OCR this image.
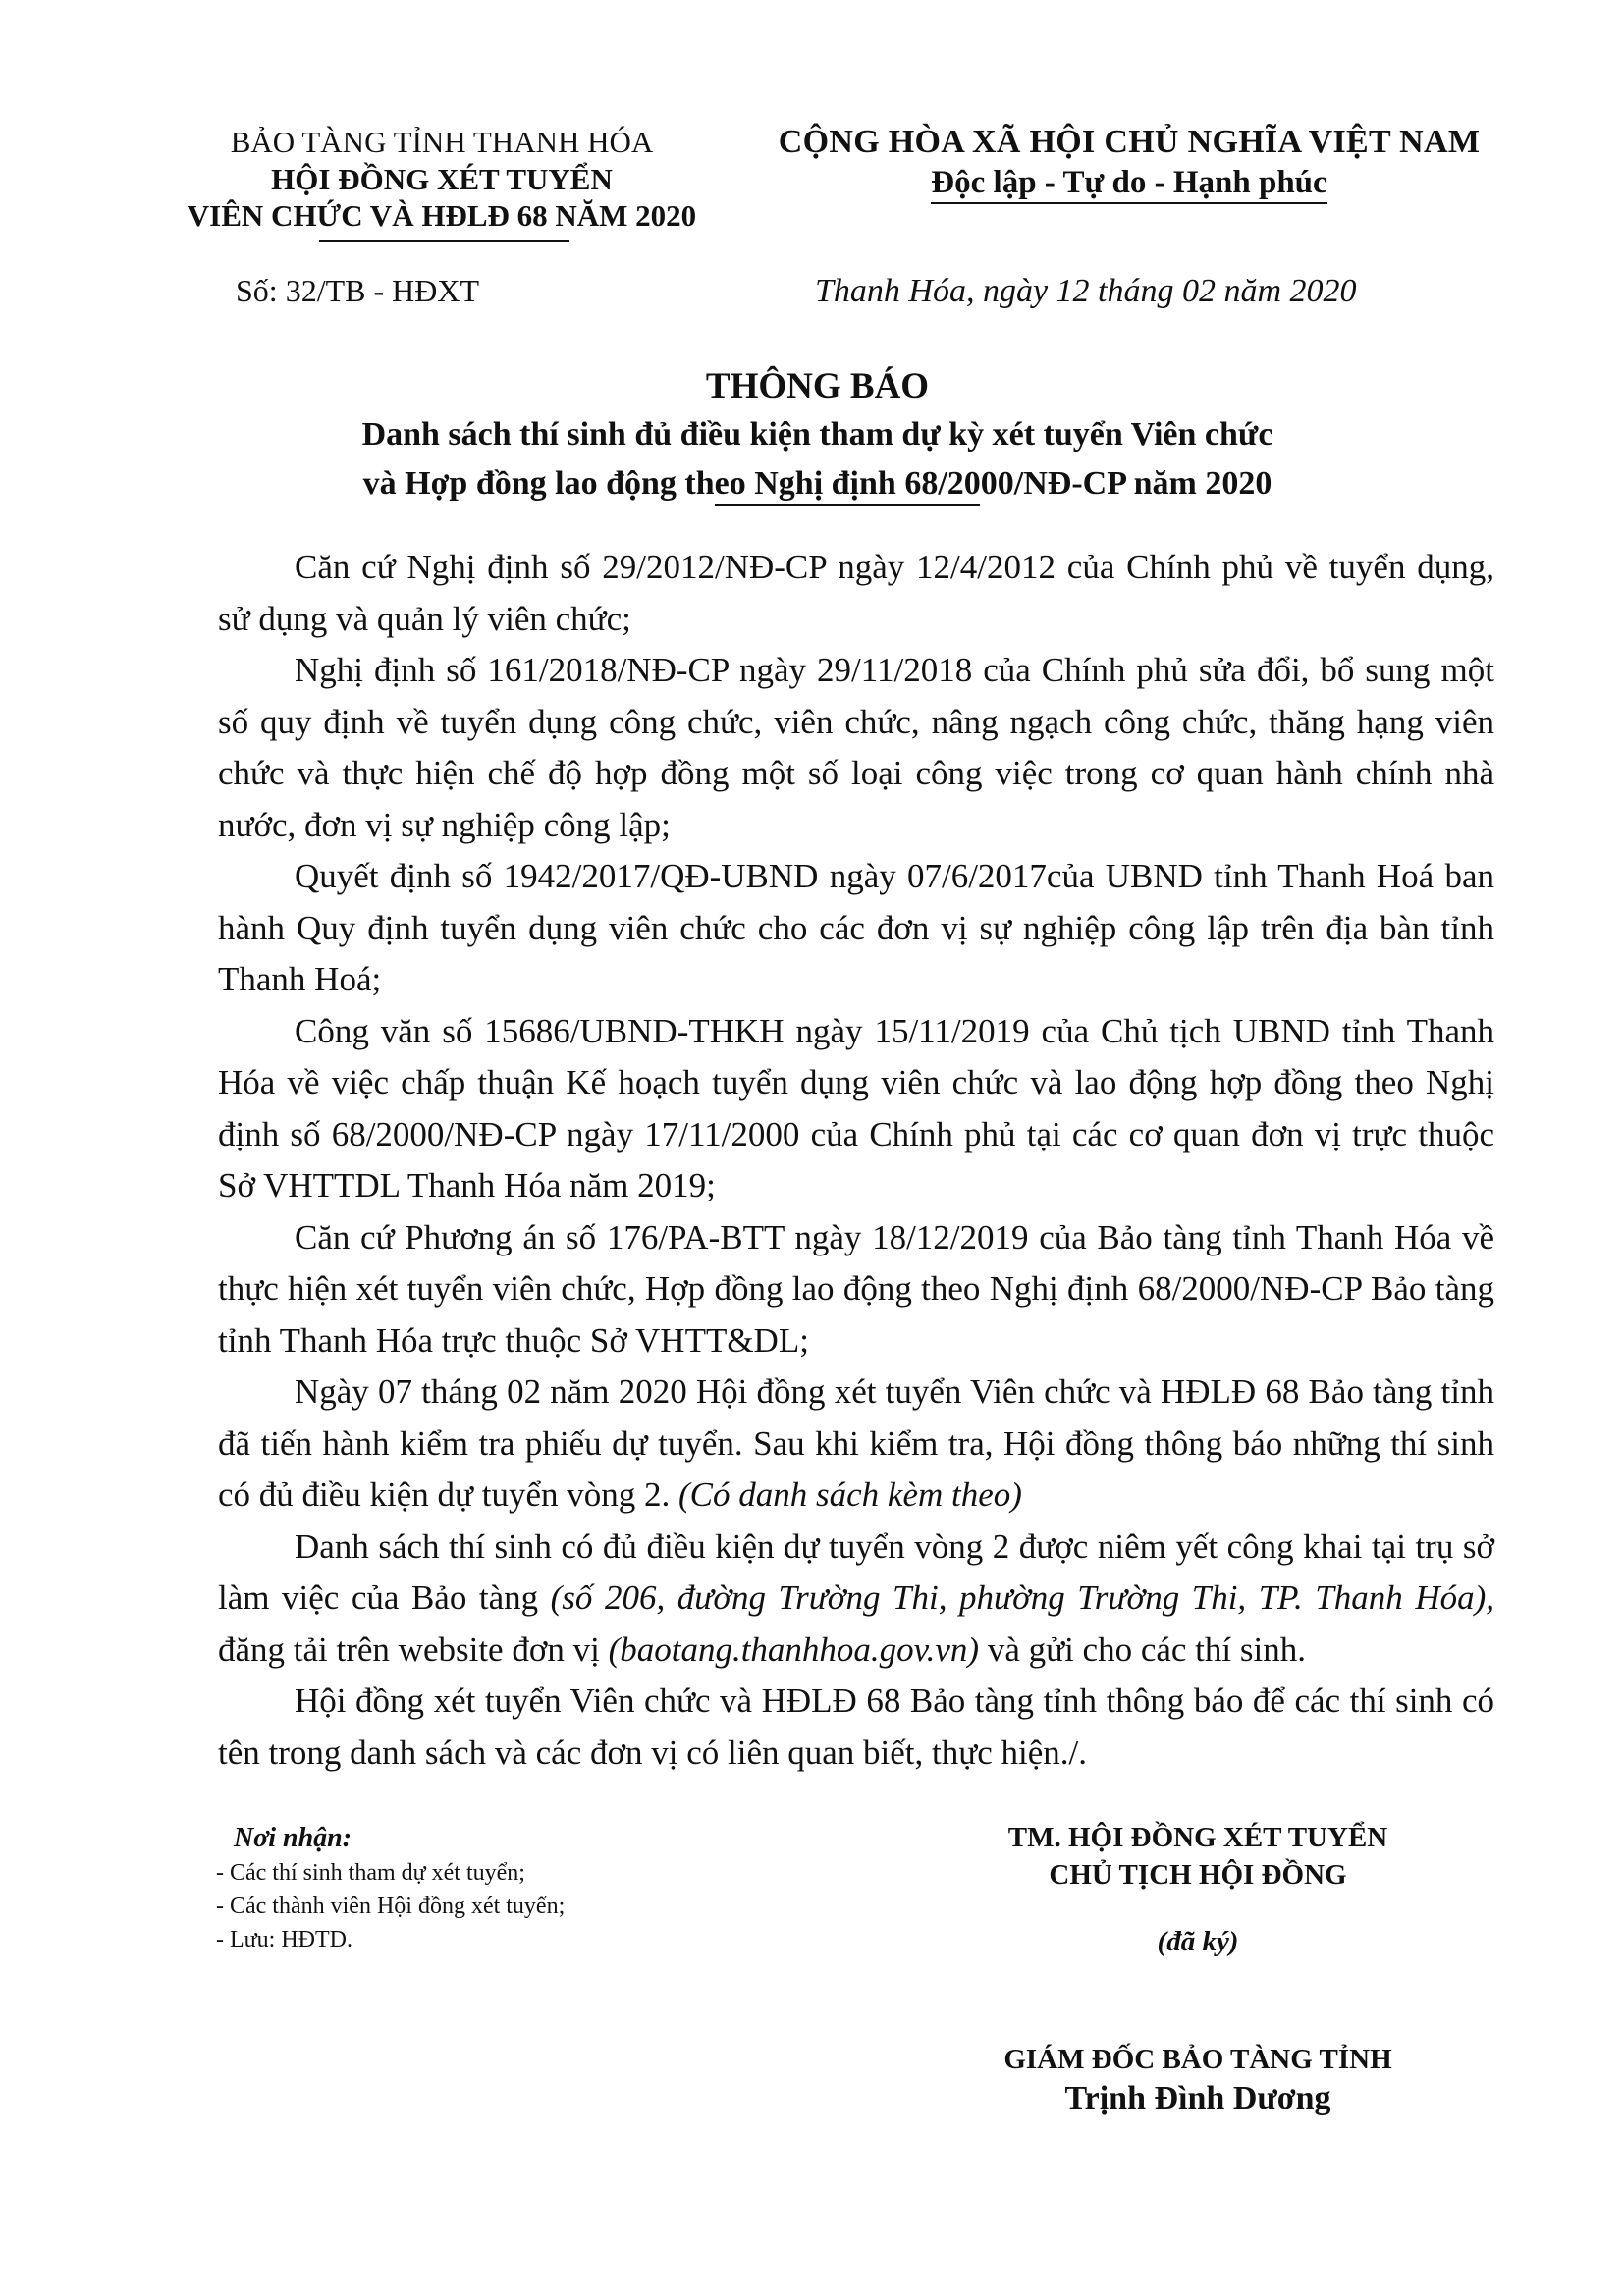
BẢO TÀNG TỈNH THANH HÓA
HỘI ĐỒNG XÉT TUYỂN
VIÊN CHỨC VÀ HĐLĐ 68 NĂM 2020
CỘNG HÒA XÃ HỘI CHỦ NGHĨA VIỆT NAM
Độc lập - Tự do - Hạnh phúc
Số: 32/TB - HĐXT	Thanh Hóa, ngày 12 tháng 02 năm 2020
THÔNG BÁO
Danh sách thí sinh đủ điều kiện tham dự kỳ xét tuyển Viên chức
và Hợp đồng lao động theo Nghị định 68/2000/NĐ-CP năm 2020

Căn cứ Nghị định số 29/2012/NĐ-CP ngày 12/4/2012 của Chính phủ về tuyển dụng, sử dụng và quản lý viên chức;

Nghị định số 161/2018/NĐ-CP ngày 29/11/2018 của Chính phủ sửa đổi, bổ sung một số quy định về tuyển dụng công chức, viên chức, nâng ngạch công chức, thăng hạng viên chức và thực hiện chế độ hợp đồng một số loại công việc trong cơ quan hành chính nhà nước, đơn vị sự nghiệp công lập;

Quyết định số 1942/2017/QĐ-UBND ngày 07/6/2017của UBND tỉnh Thanh Hoá ban hành Quy định tuyển dụng viên chức cho các đơn vị sự nghiệp công lập trên địa bàn tỉnh Thanh Hoá;

Công văn số 15686/UBND-THKH ngày 15/11/2019 của Chủ tịch UBND tỉnh Thanh Hóa về việc chấp thuận Kế hoạch tuyển dụng viên chức và lao động hợp đồng theo Nghị định số 68/2000/NĐ-CP ngày 17/11/2000 của Chính phủ tại các cơ quan đơn vị trực thuộc Sở VHTTDL Thanh Hóa năm 2019;

Căn cứ Phương án số 176/PA-BTT ngày 18/12/2019 của Bảo tàng tỉnh Thanh Hóa về thực hiện xét tuyển viên chức, Hợp đồng lao động theo Nghị định 68/2000/NĐ-CP Bảo tàng tỉnh Thanh Hóa trực thuộc Sở VHTT&DL;

Ngày 07 tháng 02 năm 2020 Hội đồng xét tuyển Viên chức và HĐLĐ 68 Bảo tàng tỉnh đã tiến hành kiểm tra phiếu dự tuyển. Sau khi kiểm tra, Hội đồng thông báo những thí sinh có đủ điều kiện dự tuyển vòng 2. (Có danh sách kèm theo)

Danh sách thí sinh có đủ điều kiện dự tuyển vòng 2 được niêm yết công khai tại trụ sở làm việc của Bảo tàng (số 206, đường Trường Thi, phường Trường Thi, TP. Thanh Hóa), đăng tải trên website đơn vị (baotang.thanhhoa.gov.vn) và gửi cho các thí sinh.

Hội đồng xét tuyển Viên chức và HĐLĐ 68 Bảo tàng tỉnh thông báo để các thí sinh có tên trong danh sách và các đơn vị có liên quan biết, thực hiện./.

Nơi nhận:
- Các thí sinh tham dự xét tuyển;
- Các thành viên Hội đồng xét tuyển;
- Lưu: HĐTD.
TM. HỘI ĐỒNG XÉT TUYỂN
CHỦ TỊCH HỘI ĐỒNG
(đã ký)
GIÁM ĐỐC BẢO TÀNG TỈNH
Trịnh Đình Dương
